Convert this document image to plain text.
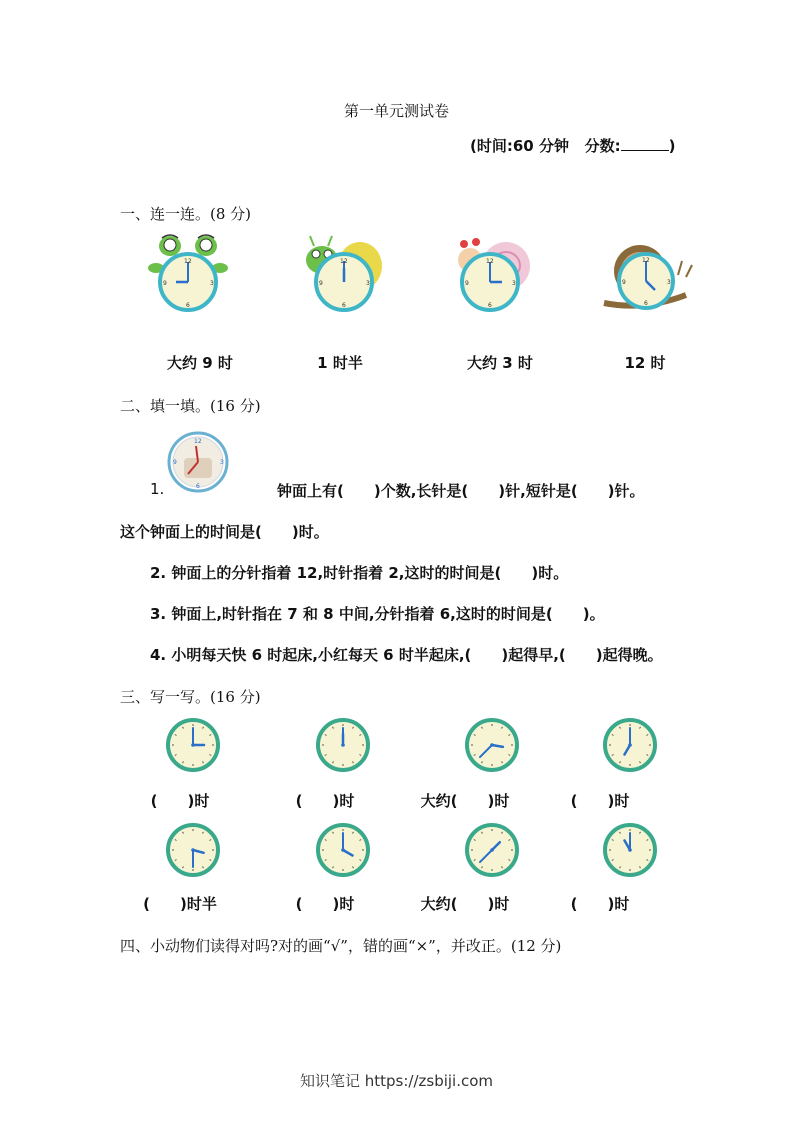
第一单元测试卷
(时间:60 分钟 分数:	)
一、连一连。(8 分)
12
3
6
9
12
3
6
9
12
3
6
9
12
3
6
9
大约 9 时	1 时半	大约 3 时	12 时
二、填一填。(16 分)
1.
12
3
6
9
钟面上有(　　)个数,长针是(　　)针,短针是(　　)针。
这个钟面上的时间是(　　)时。
2. 钟面上的分针指着 12,时针指着 2,这时的时间是(　　)时。
3. 钟面上,时针指在 7 和 8 中间,分针指着 6,这时的时间是(　　)。
4. 小明每天快 6 时起床,小红每天 6 时半起床,(　　)起得早,(　　)起得晚。
三、写一写。(16 分)
(　　)时	(　　)时	大约(　　)时	(　　)时
(　　)时半	(　　)时	大约(　　)时	(　　)时
四、小动物们读得对吗?对的画“√”，错的画“×”，并改正。(12 分)
知识笔记 https://zsbiji.com
